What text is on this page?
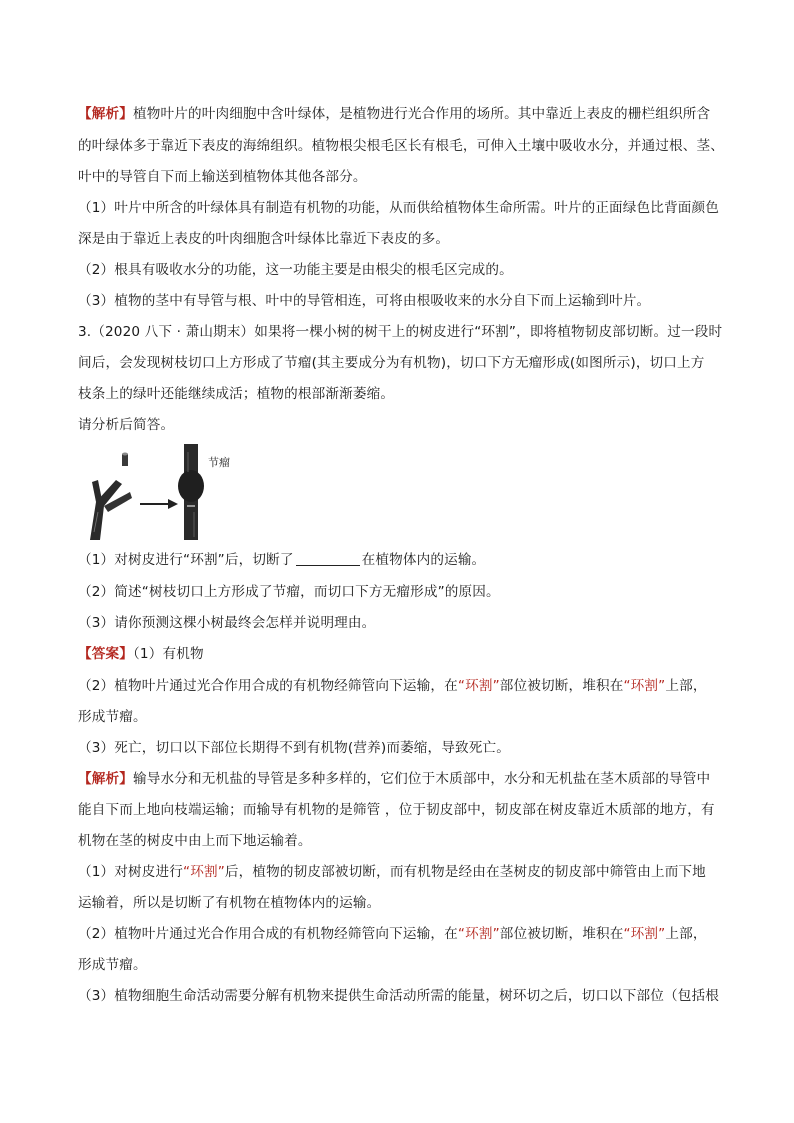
【解析】植物叶片的叶肉细胞中含叶绿体，是植物进行光合作用的场所。其中靠近上表皮的栅栏组织所含
的叶绿体多于靠近下表皮的海绵组织。植物根尖根毛区长有根毛，可伸入土壤中吸收水分，并通过根、茎、
叶中的导管自下而上输送到植物体其他各部分。
（1）叶片中所含的叶绿体具有制造有机物的功能，从而供给植物体生命所需。叶片的正面绿色比背面颜色
深是由于靠近上表皮的叶肉细胞含叶绿体比靠近下表皮的多。
（2）根具有吸收水分的功能，这一功能主要是由根尖的根毛区完成的。
（3）植物的茎中有导管与根、叶中的导管相连，可将由根吸收来的水分自下而上运输到叶片。
3.（2020 八下 · 萧山期末）如果将一棵小树的树干上的树皮进行“环割”，即将植物韧皮部切断。过一段时
间后，会发现树枝切口上方形成了节瘤(其主要成分为有机物)，切口下方无瘤形成(如图所示)，切口上方
枝条上的绿叶还能继续成活；植物的根部渐渐萎缩。
请分析后简答。
节瘤
（1）对树皮进行“环割”后，切断了	在植物体内的运输。
（2）简述“树枝切口上方形成了节瘤，而切口下方无瘤形成”的原因。
（3）请你预测这棵小树最终会怎样并说明理由。
【答案】（1）有机物
（2）植物叶片通过光合作用合成的有机物经筛管向下运输，在“环割”部位被切断，堆积在“环割”上部，
形成节瘤。
（3）死亡，切口以下部位长期得不到有机物(营养)而萎缩，导致死亡。
【解析】输导水分和无机盐的导管是多种多样的，它们位于木质部中，水分和无机盐在茎木质部的导管中
能自下而上地向枝端运输；而输导有机物的是筛管 ，位于韧皮部中，韧皮部在树皮靠近木质部的地方，有
机物在茎的树皮中由上而下地运输着。
（1）对树皮进行“环割”后，植物的韧皮部被切断，而有机物是经由在茎树皮的韧皮部中筛管由上而下地
运输着，所以是切断了有机物在植物体内的运输。
（2）植物叶片通过光合作用合成的有机物经筛管向下运输，在“环割”部位被切断，堆积在“环割”上部，
形成节瘤。
（3）植物细胞生命活动需要分解有机物来提供生命活动所需的能量，树环切之后，切口以下部位（包括根
